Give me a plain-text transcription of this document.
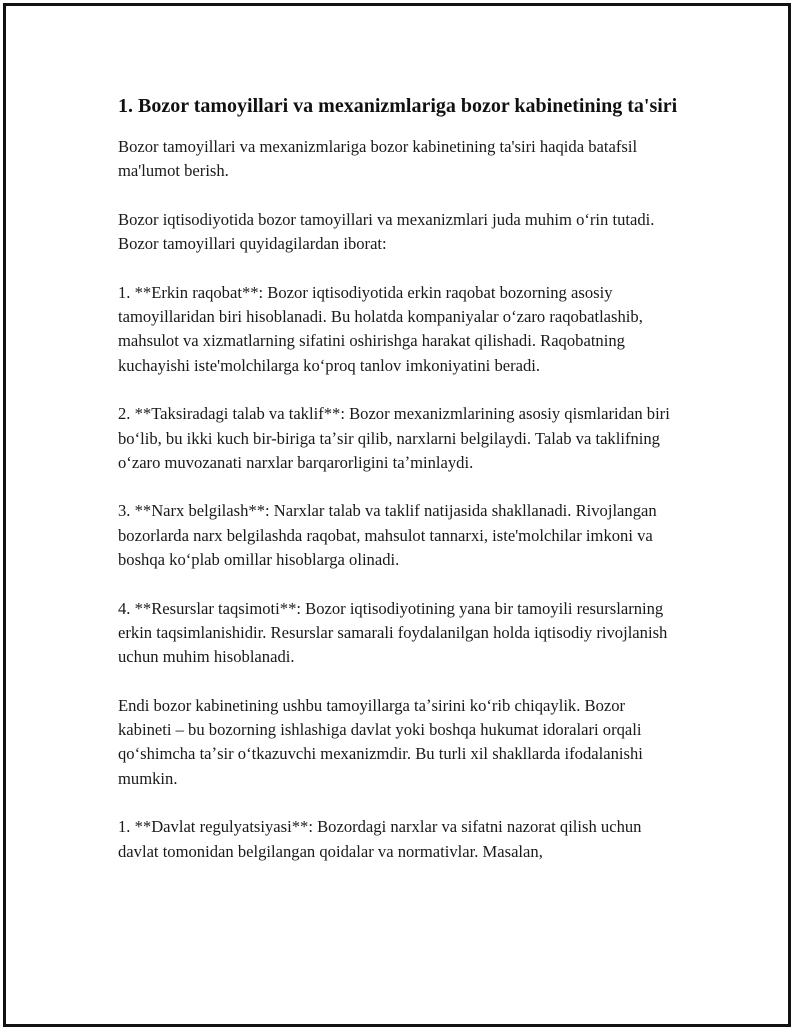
1. Bozor tamoyillari va mexanizmlariga bozor kabinetining ta'siri

Bozor tamoyillari va mexanizmlariga bozor kabinetining ta'siri haqida batafsil ma'lumot berish.

Bozor iqtisodiyotida bozor tamoyillari va mexanizmlari juda muhim oʻrin tutadi. Bozor tamoyillari quyidagilardan iborat:

1. **Erkin raqobat**: Bozor iqtisodiyotida erkin raqobat bozorning asosiy tamoyillaridan biri hisoblanadi. Bu holatda kompaniyalar oʻzaro raqobatlashib, mahsulot va xizmatlarning sifatini oshirishga harakat qilishadi. Raqobatning kuchayishi iste'molchilarga koʻproq tanlov imkoniyatini beradi.

2. **Taksiradagi talab va taklif**: Bozor mexanizmlarining asosiy qismlaridan biri boʻlib, bu ikki kuch bir-biriga taʼsir qilib, narxlarni belgilaydi. Talab va taklifning oʻzaro muvozanati narxlar barqarorligini taʼminlaydi.

3. **Narx belgilash**: Narxlar talab va taklif natijasida shakllanadi. Rivojlangan bozorlarda narx belgilashda raqobat, mahsulot tannarxi, iste'molchilar imkoni va boshqa koʻplab omillar hisoblarga olinadi.

4. **Resurslar taqsimoti**: Bozor iqtisodiyotining yana bir tamoyili resurslarning erkin taqsimlanishidir. Resurslar samarali foydalanilgan holda iqtisodiy rivojlanish uchun muhim hisoblanadi.

Endi bozor kabinetining ushbu tamoyillarga taʼsirini koʻrib chiqaylik. Bozor kabineti – bu bozorning ishlashiga davlat yoki boshqa hukumat idoralari orqali qoʻshimcha taʼsir oʻtkazuvchi mexanizmdir. Bu turli xil shakllarda ifodalanishi mumkin.

1. **Davlat regulyatsiyasi**: Bozordagi narxlar va sifatni nazorat qilish uchun davlat tomonidan belgilangan qoidalar va normativlar. Masalan,
